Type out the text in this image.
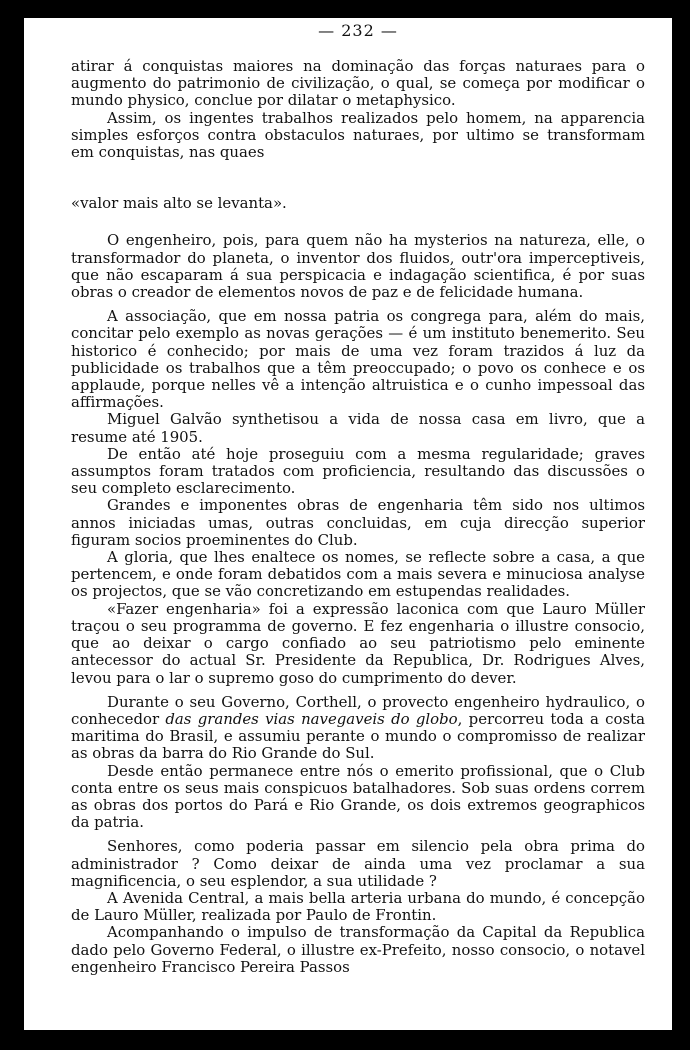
— 232 —

atirar á conquistas maiores na dominação das forças naturaes para o augmento do patrimonio de civilização, o qual, se começa por modificar o mundo physico, conclue por dilatar o metaphysico.

Assim, os ingentes trabalhos realizados pelo homem, na apparencia simples esforços contra obstaculos naturaes, por ultimo se transformam em conquistas, nas quaes

«valor mais alto se levanta».

O engenheiro, pois, para quem não ha mysterios na natureza, elle, o transformador do planeta, o inventor dos fluidos, outr'ora imperceptiveis, que não escaparam á sua perspicacia e indagação scientifica, é por suas obras o creador de elementos novos de paz e de felicidade humana.

A associação, que em nossa patria os congrega para, além do mais, concitar pelo exemplo as novas gerações — é um instituto benemerito. Seu historico é conhecido; por mais de uma vez foram trazidos á luz da publicidade os trabalhos que a têm preoccupado; o povo os conhece e os applaude, porque nelles vê a intenção altruistica e o cunho impessoal das affirmações.

Miguel Galvão synthetisou a vida de nossa casa em livro, que a resume até 1905.

De então até hoje proseguiu com a mesma regularidade; graves assumptos foram tratados com proficiencia, resultando das discussões o seu completo esclarecimento.

Grandes e imponentes obras de engenharia têm sido nos ultimos annos iniciadas umas, outras concluidas, em cuja direcção superior figuram socios proeminentes do Club.

A gloria, que lhes enaltece os nomes, se reflecte sobre a casa, a que pertencem, e onde foram debatidos com a mais severa e minuciosa analyse os projectos, que se vão concretizando em estupendas realidades.

«Fazer engenharia» foi a expressão laconica com que Lauro Müller traçou o seu programma de governo. E fez engenharia o illustre consocio, que ao deixar o cargo confiado ao seu patriotismo pelo eminente antecessor do actual Sr. Presidente da Republica, Dr. Rodrigues Alves, levou para o lar o supremo goso do cumprimento do dever.

Durante o seu Governo, Corthell, o provecto engenheiro hydraulico, o conhecedor das grandes vias navegaveis do globo, percorreu toda a costa maritima do Brasil, e assumiu perante o mundo o compromisso de realizar as obras da barra do Rio Grande do Sul.

Desde então permanece entre nós o emerito profissional, que o Club conta entre os seus mais conspicuos batalhadores. Sob suas ordens correm as obras dos portos do Pará e Rio Grande, os dois extremos geographicos da patria.

Senhores, como poderia passar em silencio pela obra prima do administrador ? Como deixar de ainda uma vez proclamar a sua magnificencia, o seu esplendor, a sua utilidade ?

A Avenida Central, a mais bella arteria urbana do mundo, é concepção de Lauro Müller, realizada por Paulo de Frontin.

Acompanhando o impulso de transformação da Capital da Republica dado pelo Governo Federal, o illustre ex-Prefeito, nosso consocio, o notavel engenheiro Francisco Pereira Passos
